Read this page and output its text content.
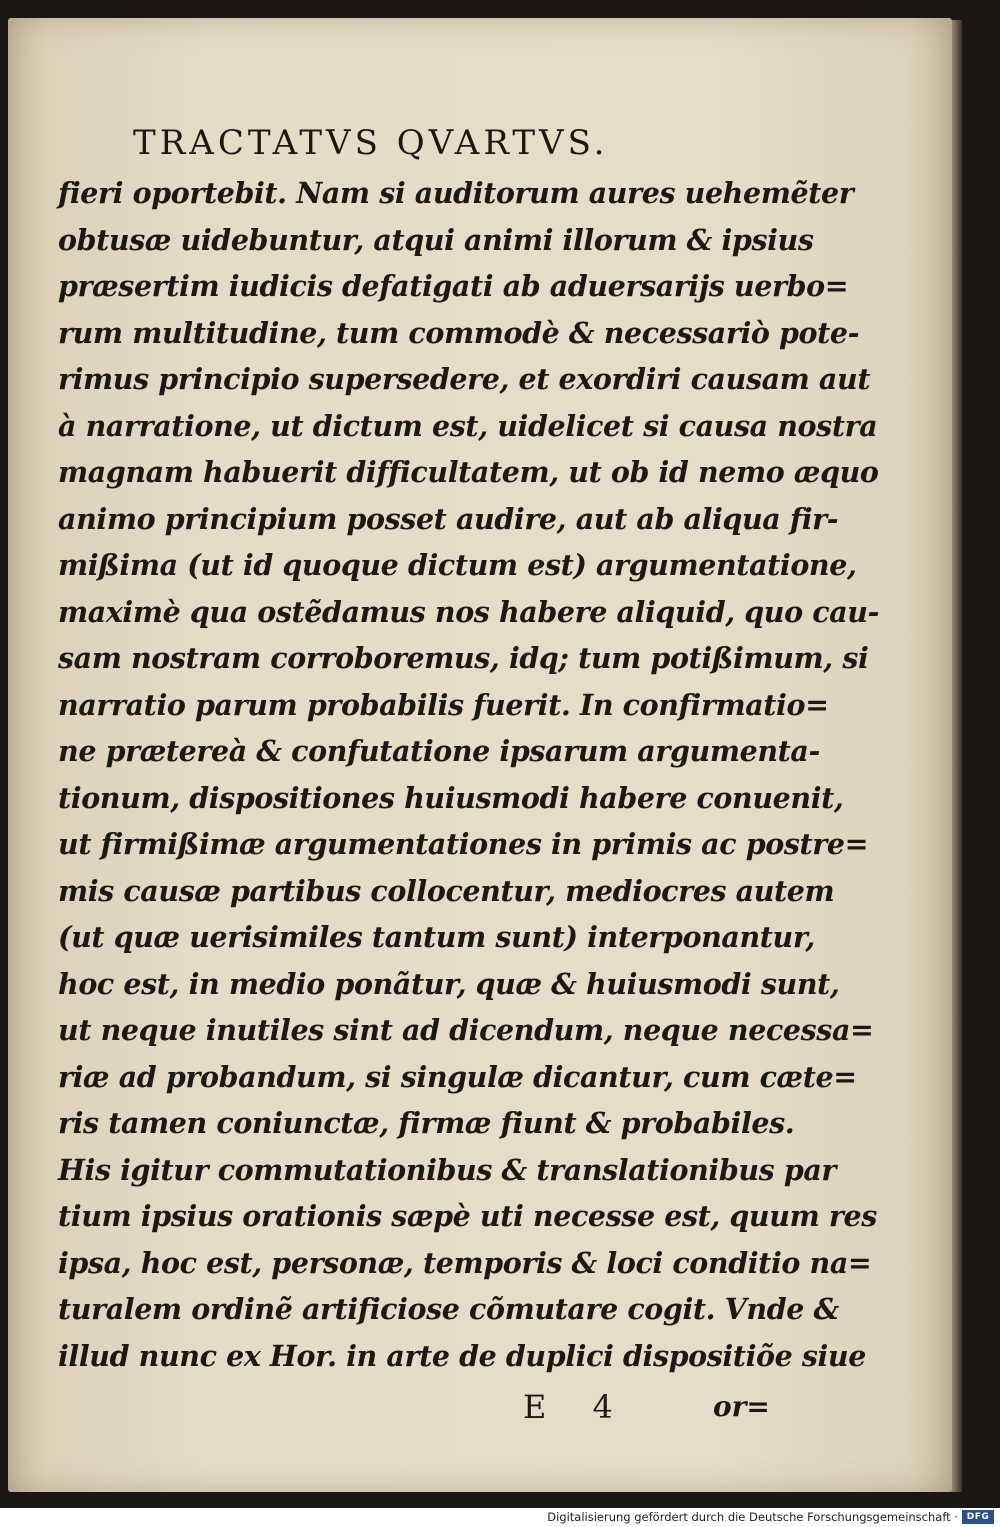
TRACTATVS QVARTVS.
fieri oportebit. Nam si auditorum aures uehemẽter
obtusæ uidebuntur, atqui animi illorum & ipsius
præsertim iudicis defatigati ab aduersarijs uerbo=
rum multitudine, tum commodè & necessariò pote-
rimus principio supersedere, et exordiri causam aut
à narratione, ut dictum est, uidelicet si causa nostra
magnam habuerit difficultatem, ut ob id nemo æquo
animo principium posset audire, aut ab aliqua fir-
mißima (ut id quoque dictum est) argumentatione,
maximè qua ostẽdamus nos habere aliquid, quo cau-
sam nostram corroboremus, idq; tum potißimum, si
narratio parum probabilis fuerit. In confirmatio=
ne prætereà & confutatione ipsarum argumenta-
tionum, dispositiones huiusmodi habere conuenit,
ut firmißimæ argumentationes in primis ac postre=
mis causæ partibus collocentur, mediocres autem
(ut quæ uerisimiles tantum sunt) interponantur,
hoc est, in medio ponãtur, quæ & huiusmodi sunt,
ut neque inutiles sint ad dicendum, neque necessa=
riæ ad probandum, si singulæ dicantur, cum cæte=
ris tamen coniunctæ, firmæ fiunt & probabiles.
His igitur commutationibus & translationibus par
tium ipsius orationis sæpè uti necesse est, quum res
ipsa, hoc est, personæ, temporis & loci conditio na=
turalem ordinẽ artificiose cõmutare cogit. Vnde &
illud nunc ex Hor. in arte de duplici dispositiõe siue
E 4	or=
Digitalisierung gefördert durch die Deutsche Forschungsgemeinschaft · DFG
